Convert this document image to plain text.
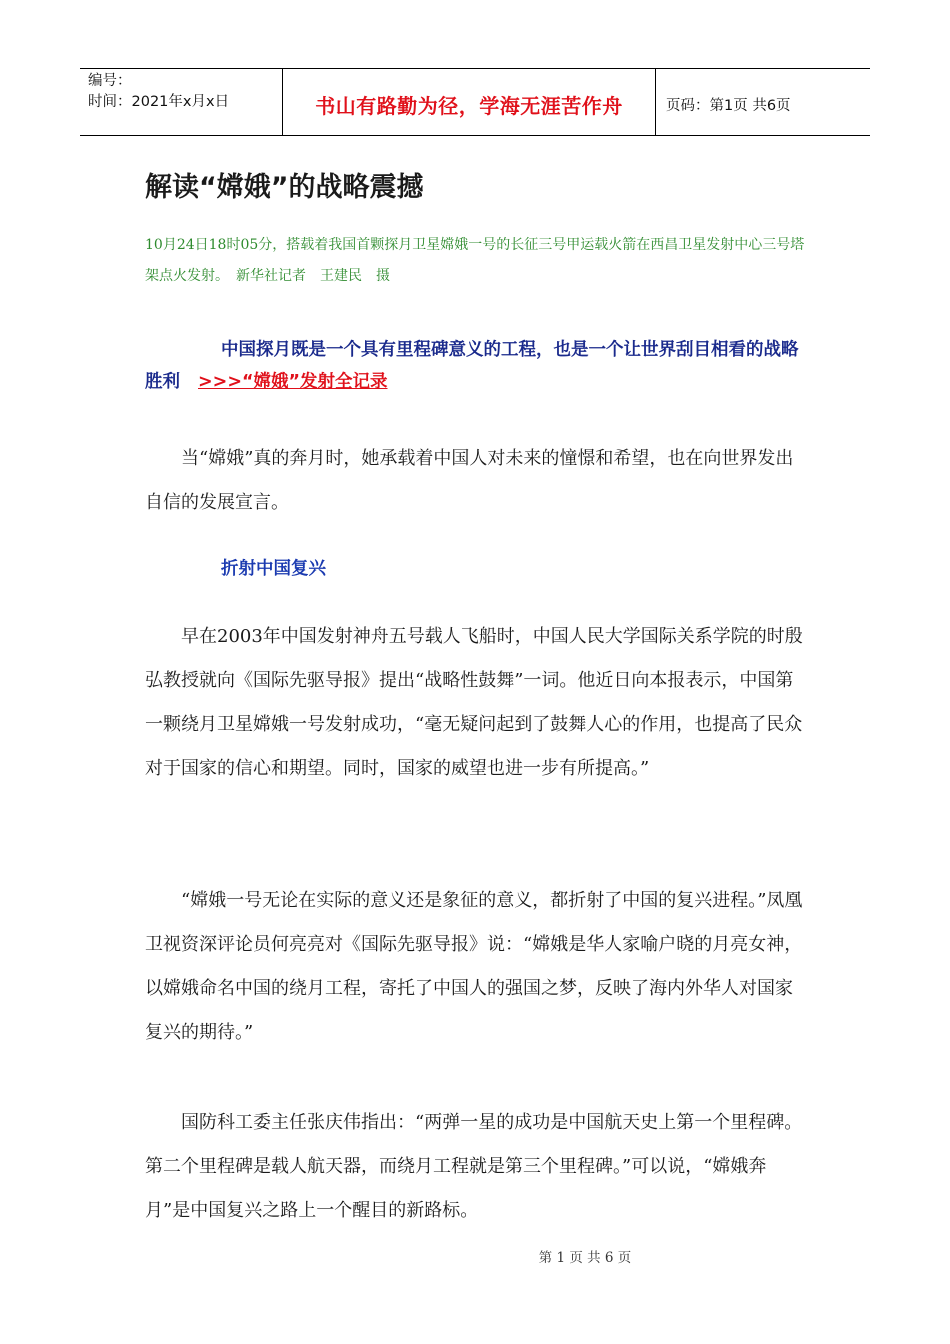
编号：
时间：2021年x月x日	书山有路勤为径，学海无涯苦作舟	页码：第1页 共6页
解读“嫦娥”的战略震撼
10月24日18时05分，搭载着我国首颗探月卫星嫦娥一号的长征三号甲运载火箭在西昌卫星发射中心三号塔架点火发射。　新华社记者　王建民　摄
中国探月既是一个具有里程碑意义的工程，也是一个让世界刮目相看的战略胜利 >>>“嫦娥”发射全记录

　　当“嫦娥”真的奔月时，她承载着中国人对未来的憧憬和希望，也在向世界发出自信的发展宣言。

折射中国复兴

　　早在2003年中国发射神舟五号载人飞船时，中国人民大学国际关系学院的时殷弘教授就向《国际先驱导报》提出“战略性鼓舞”一词。他近日向本报表示，中国第一颗绕月卫星嫦娥一号发射成功，“毫无疑问起到了鼓舞人心的作用，也提高了民众对于国家的信心和期望。同时，国家的威望也进一步有所提高。”

　　“嫦娥一号无论在实际的意义还是象征的意义，都折射了中国的复兴进程。”凤凰卫视资深评论员何亮亮对《国际先驱导报》说：“嫦娥是华人家喻户晓的月亮女神，以嫦娥命名中国的绕月工程，寄托了中国人的强国之梦，反映了海内外华人对国家复兴的期待。”

　　国防科工委主任张庆伟指出：“两弹一星的成功是中国航天史上第一个里程碑。第二个里程碑是载人航天器，而绕月工程就是第三个里程碑。”可以说，“嫦娥奔月”是中国复兴之路上一个醒目的新路标。

第 1 页 共 6 页
